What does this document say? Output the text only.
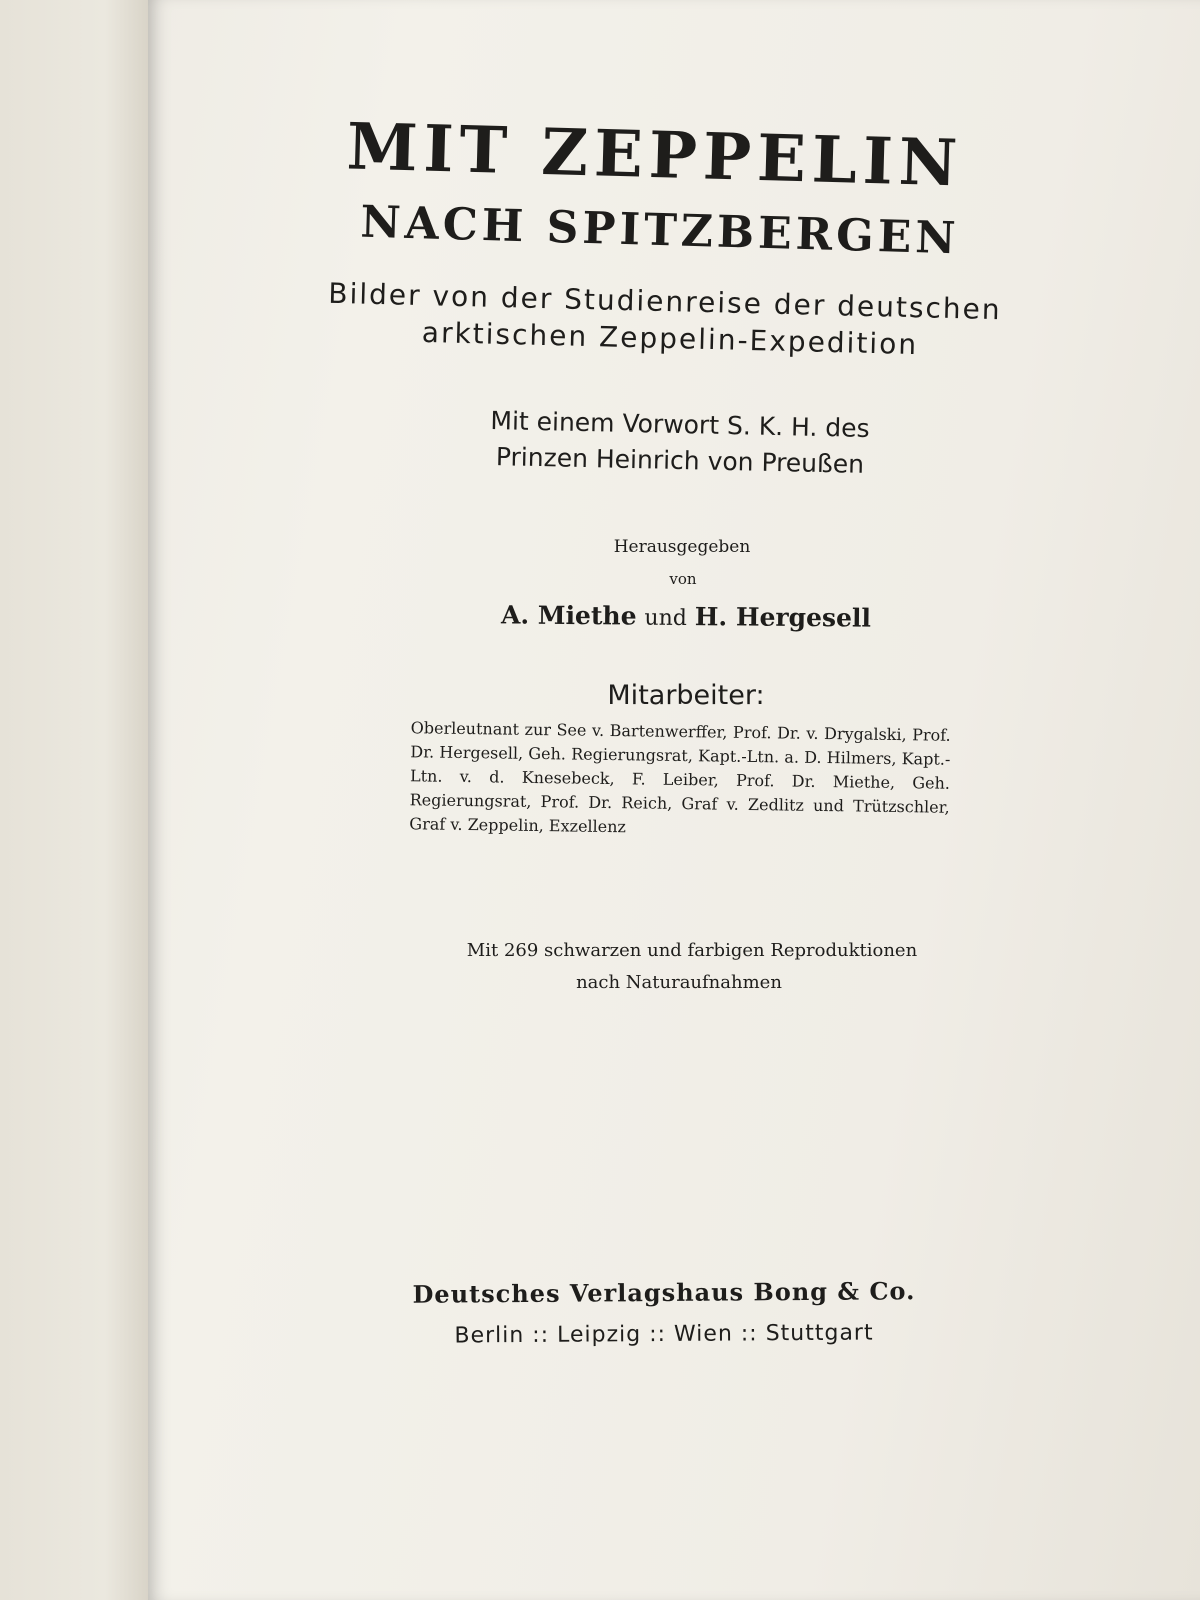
MIT ZEPPELIN
NACH SPITZBERGEN
Bilder von der Studienreise der deutschen
arktischen Zeppelin-Expedition
Mit einem Vorwort S. K. H. des
Prinzen Heinrich von Preußen
Herausgegeben
von
A. Miethe und H. Hergesell
Mitarbeiter:
Oberleutnant zur See v. Bartenwerffer, Prof. Dr. v. Drygalski, Prof. Dr. Hergesell, Geh. Regierungsrat, Kapt.-Ltn. a. D. Hilmers, Kapt.-Ltn. v. d. Knesebeck, F. Leiber, Prof. Dr. Miethe, Geh. Regierungsrat, Prof. Dr. Reich, Graf v. Zedlitz und Trützschler, Graf v. Zeppelin, Exzellenz
Mit 269 schwarzen und farbigen Reproduktionen
nach Naturaufnahmen
Deutsches Verlagshaus Bong & Co.
Berlin :: Leipzig :: Wien :: Stuttgart
